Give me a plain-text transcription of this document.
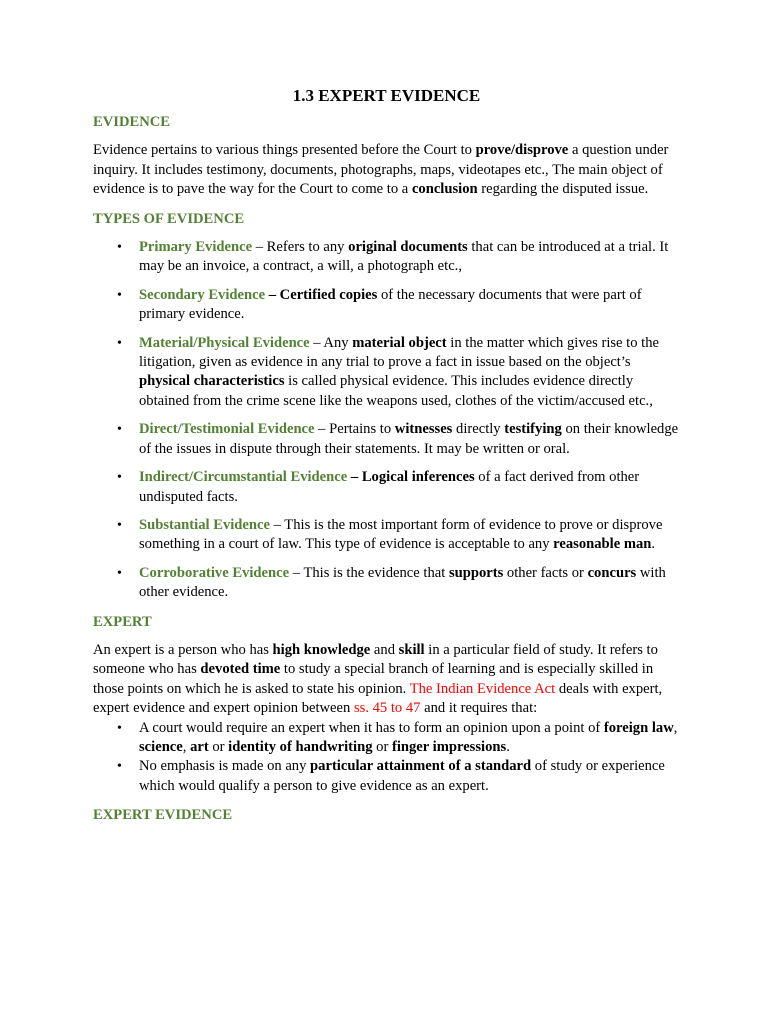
1.3 EXPERT EVIDENCE
EVIDENCE

Evidence pertains to various things presented before the Court to prove/disprove a question under inquiry. It includes testimony, documents, photographs, maps, videotapes etc., The main object of evidence is to pave the way for the Court to come to a conclusion regarding the disputed issue.

TYPES OF EVIDENCE
• Primary Evidence – Refers to any original documents that can be introduced at a trial. It may be an invoice, a contract, a will, a photograph etc.,
• Secondary Evidence – Certified copies of the necessary documents that were part of primary evidence.
• Material/Physical Evidence – Any material object in the matter which gives rise to the litigation, given as evidence in any trial to prove a fact in issue based on the object’s physical characteristics is called physical evidence. This includes evidence directly obtained from the crime scene like the weapons used, clothes of the victim/accused etc.,
• Direct/Testimonial Evidence – Pertains to witnesses directly testifying on their knowledge of the issues in dispute through their statements. It may be written or oral.
• Indirect/Circumstantial Evidence – Logical inferences of a fact derived from other undisputed facts.
• Substantial Evidence – This is the most important form of evidence to prove or disprove something in a court of law. This type of evidence is acceptable to any reasonable man.
• Corroborative Evidence – This is the evidence that supports other facts or concurs with other evidence.
EXPERT

An expert is a person who has high knowledge and skill in a particular field of study. It refers to someone who has devoted time to study a special branch of learning and is especially skilled in those points on which he is asked to state his opinion. The Indian Evidence Act deals with expert, expert evidence and expert opinion between ss. 45 to 47 and it requires that:

• A court would require an expert when it has to form an opinion upon a point of foreign law, science, art or identity of handwriting or finger impressions.
• No emphasis is made on any particular attainment of a standard of study or experience which would qualify a person to give evidence as an expert.
EXPERT EVIDENCE
